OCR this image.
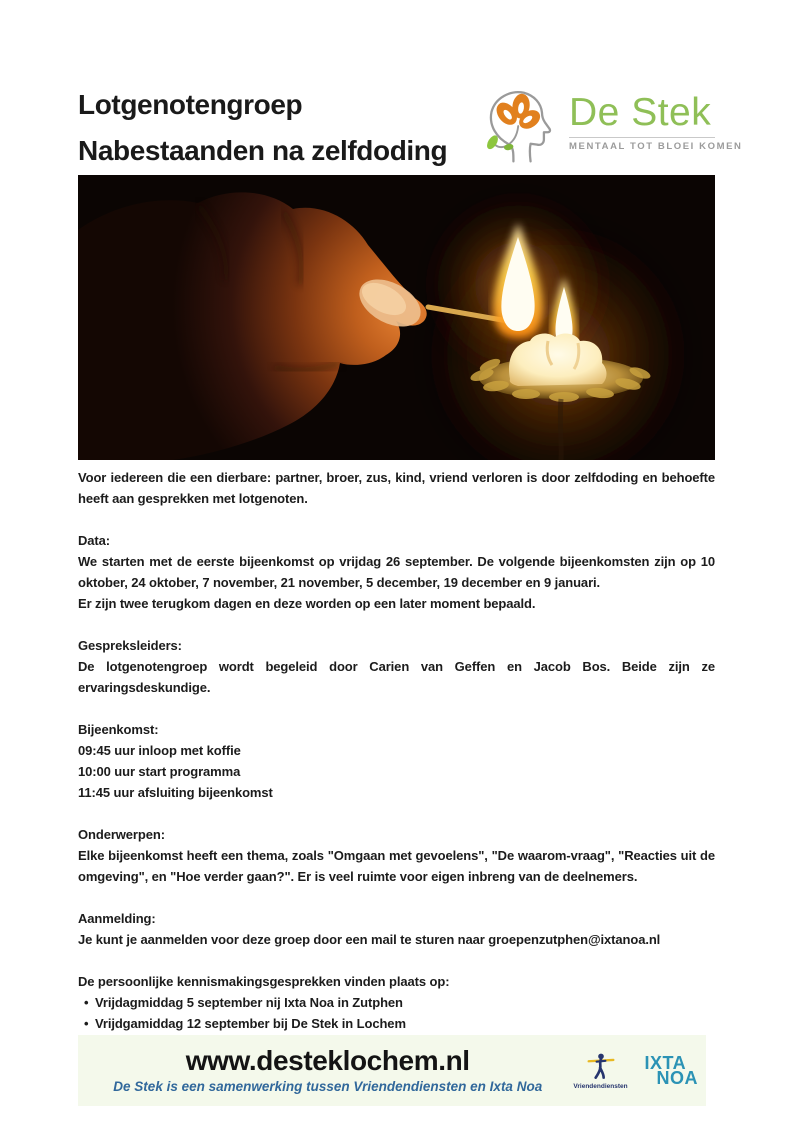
Lotgenotengroep
Nabestaanden na zelfdoding
De Stek
MENTAAL TOT BLOEI KOMEN
Voor iedereen die een dierbare: partner, broer, zus, kind, vriend verloren is door zelfdoding en behoefte heeft aan gesprekken met lotgenoten.
Data:
We starten met de eerste bijeenkomst op vrijdag 26 september. De volgende bijeenkomsten zijn op 10 oktober, 24 oktober, 7 november, 21 november, 5 december, 19 december en 9 januari.
Er zijn twee terugkom dagen en deze worden op een later moment bepaald.
Gespreksleiders:
De lotgenotengroep wordt begeleid door Carien van Geffen en Jacob Bos. Beide zijn ze ervaringsdeskundige.
Bijeenkomst:
09:45 uur inloop met koffie
10:00 uur start programma
11:45 uur afsluiting bijeenkomst
Onderwerpen:
Elke bijeenkomst heeft een thema, zoals "Omgaan met gevoelens", "De waarom-vraag", "Reacties uit de omgeving", en "Hoe verder gaan?". Er is veel ruimte voor eigen inbreng van de deelnemers.
Aanmelding:
Je kunt je aanmelden voor deze groep door een mail te sturen naar groepenzutphen@ixtanoa.nl
De persoonlijke kennismakingsgesprekken vinden plaats op:
• Vrijdagmiddag 5 september nij Ixta Noa in Zutphen
• Vrijdgamiddag 12 september bij De Stek in Lochem
www.desteklochem.nl
De Stek is een samenwerking tussen Vriendendiensten en Ixta Noa	Vriendendiensten
IXTA
NOA
